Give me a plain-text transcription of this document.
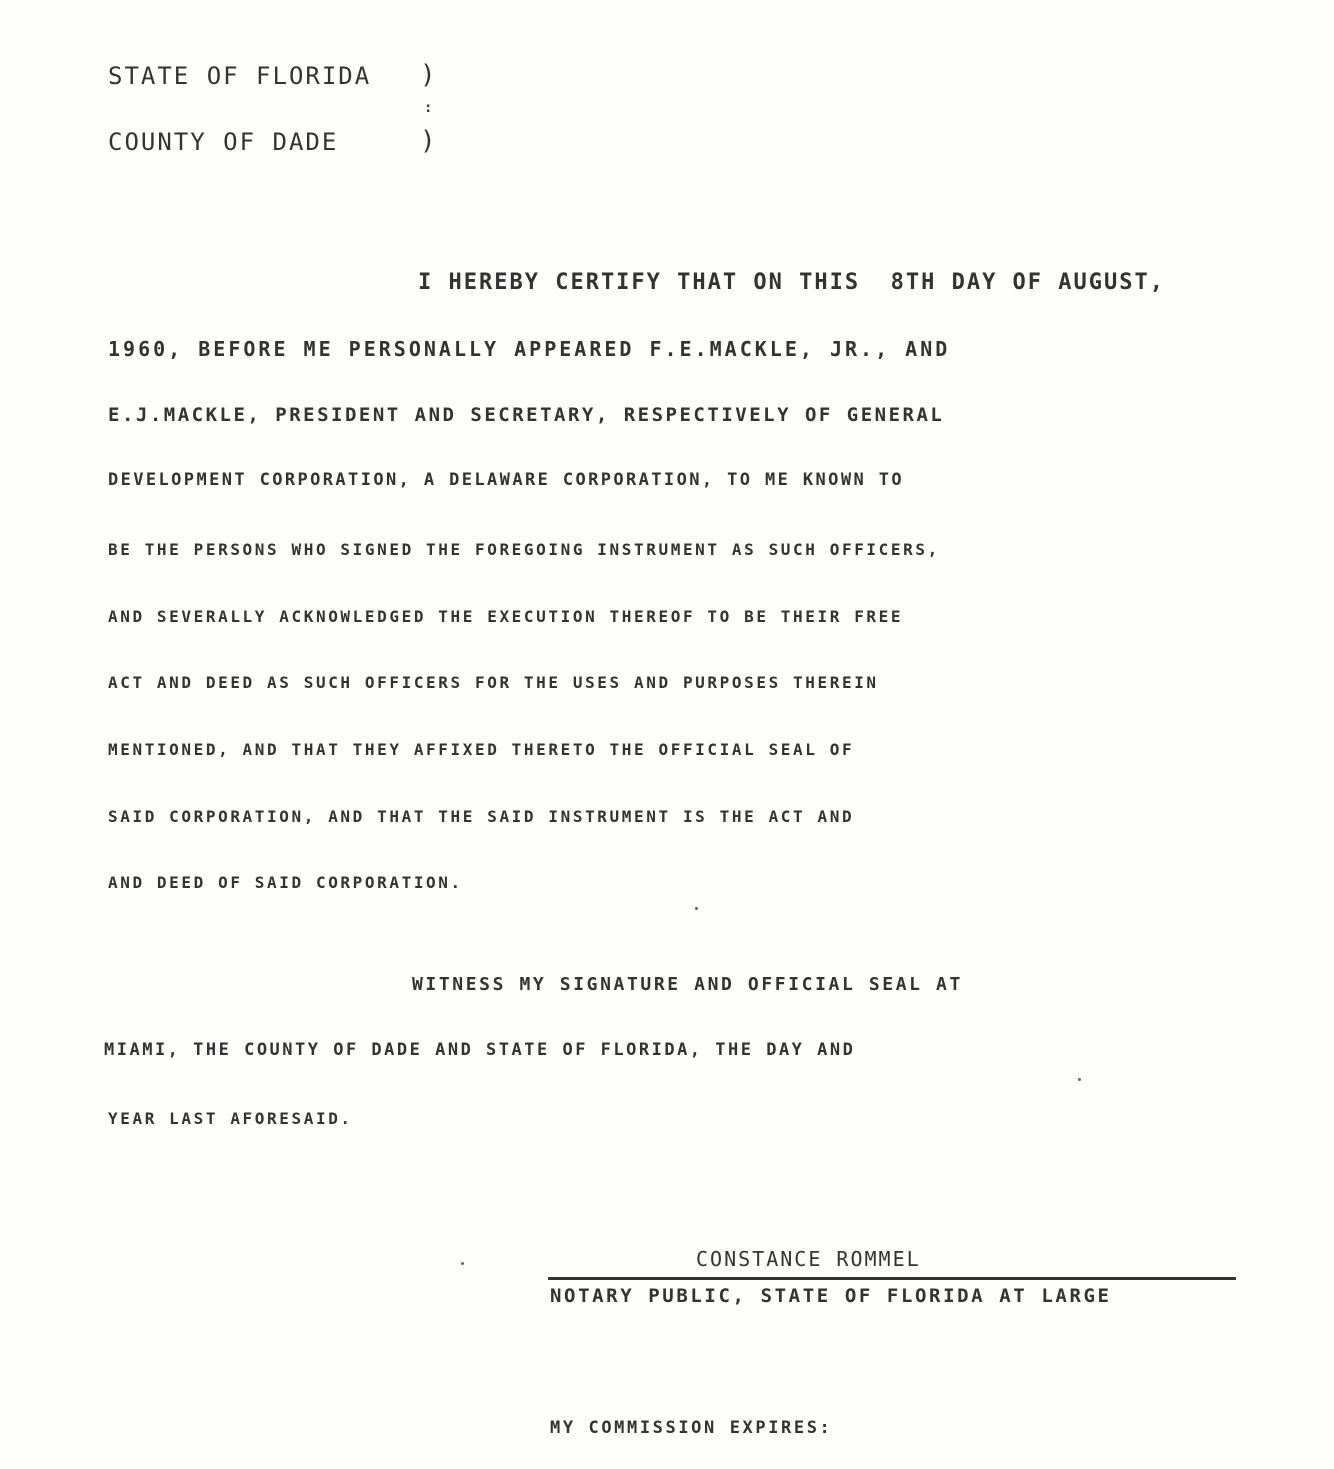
STATE OF FLORIDA )
:
COUNTY OF DADE	)
I HEREBY CERTIFY THAT ON THIS  8TH DAY OF AUGUST,
1960, BEFORE ME PERSONALLY APPEARED F.E.MACKLE, JR., AND
E.J.MACKLE, PRESIDENT AND SECRETARY, RESPECTIVELY OF GENERAL
DEVELOPMENT CORPORATION, A DELAWARE CORPORATION, TO ME KNOWN TO
BE THE PERSONS WHO SIGNED THE FOREGOING INSTRUMENT AS SUCH OFFICERS,
AND SEVERALLY ACKNOWLEDGED THE EXECUTION THEREOF TO BE THEIR FREE
ACT AND DEED AS SUCH OFFICERS FOR THE USES AND PURPOSES THEREIN
MENTIONED, AND THAT THEY AFFIXED THERETO THE OFFICIAL SEAL OF
SAID CORPORATION, AND THAT THE SAID INSTRUMENT IS THE ACT AND
AND DEED OF SAID CORPORATION.
WITNESS MY SIGNATURE AND OFFICIAL SEAL AT
MIAMI, THE COUNTY OF DADE AND STATE OF FLORIDA, THE DAY AND
YEAR LAST AFORESAID.
CONSTANCE ROMMEL
NOTARY PUBLIC, STATE OF FLORIDA AT LARGE
MY COMMISSION EXPIRES:
